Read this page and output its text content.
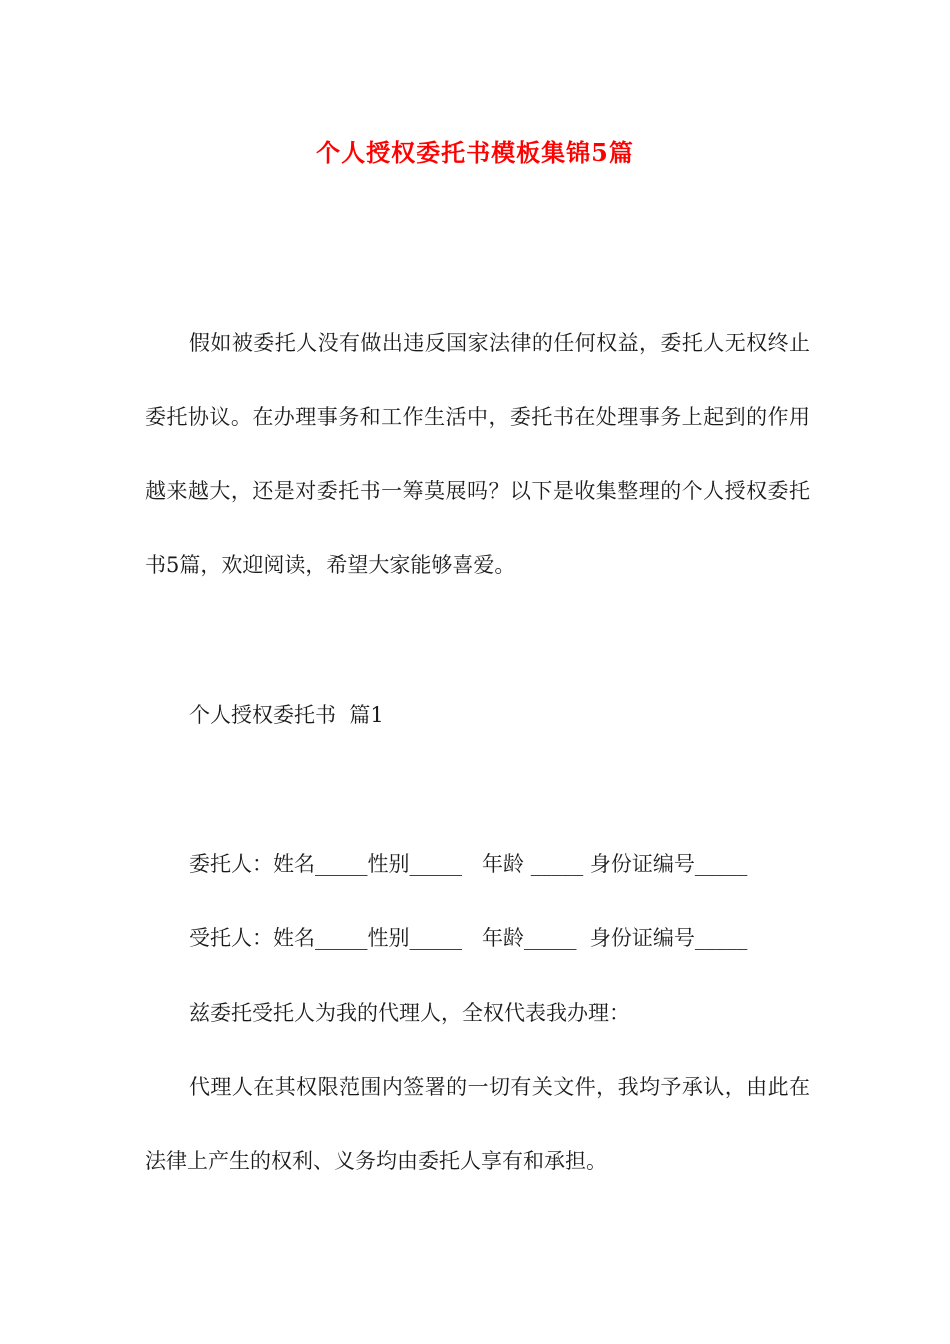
个人授权委托书模板集锦5篇

假如被委托人没有做出违反国家法律的任何权益，委托人无权终止委托协议。在办理事务和工作生活中，委托书在处理事务上起到的作用越来越大，还是对委托书一筹莫展吗？以下是收集整理的个人授权委托书5篇，欢迎阅读，希望大家能够喜爱。

个人授权委托书  篇1
委托人：姓名_____性别_____   年龄 _____ 身份证编号_____
受托人：姓名_____性别_____   年龄_____  身份证编号_____
兹委托受托人为我的代理人，全权代表我办理：

代理人在其权限范围内签署的一切有关文件，我均予承认，由此在法律上产生的权利、义务均由委托人享有和承担。
